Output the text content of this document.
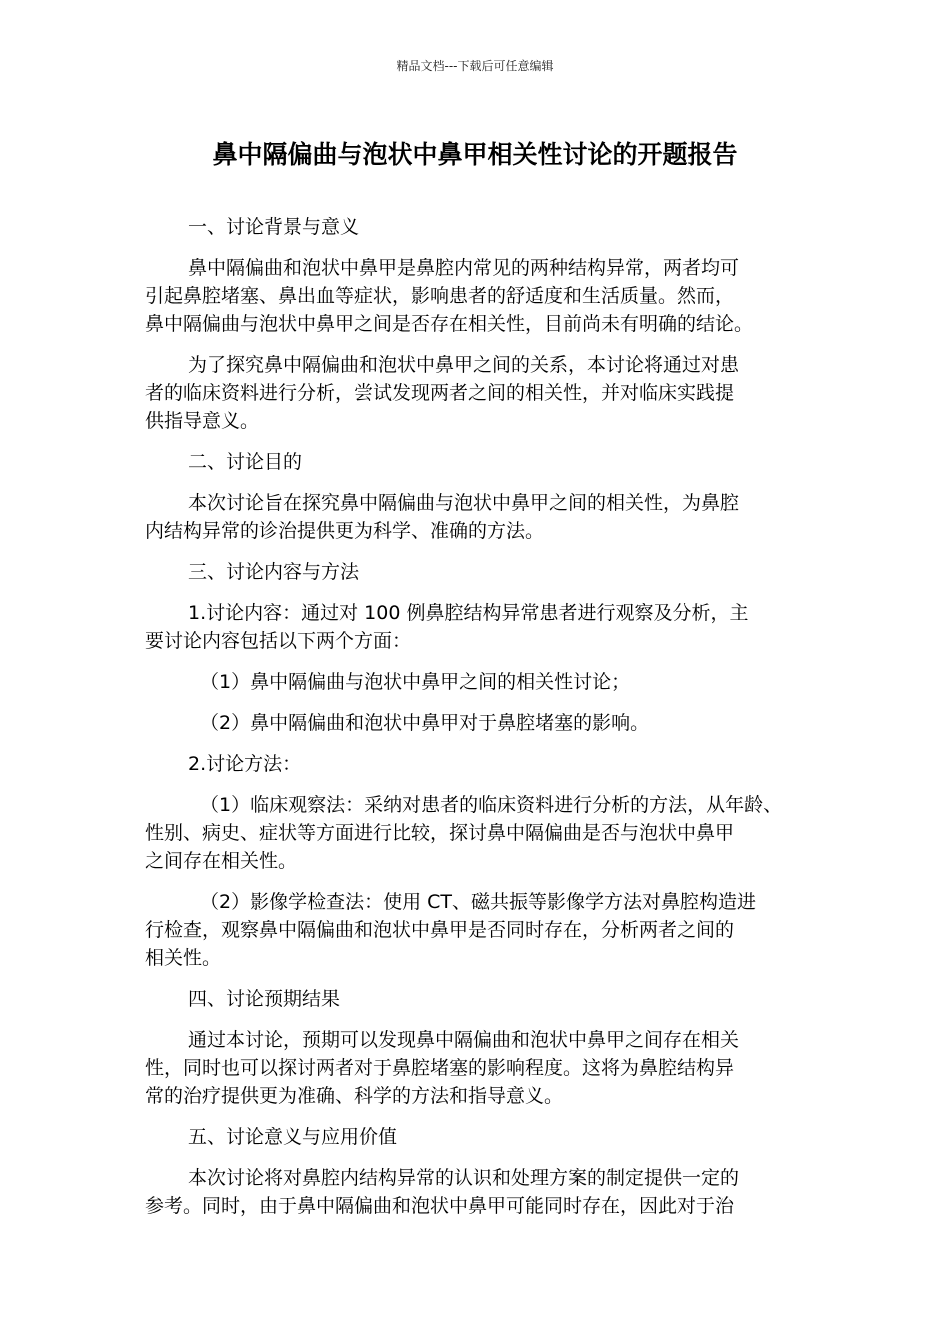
精品文档---下载后可任意编辑
鼻中隔偏曲与泡状中鼻甲相关性讨论的开题报告

一、讨论背景与意义

鼻中隔偏曲和泡状中鼻甲是鼻腔内常见的两种结构异常，两者均可
引起鼻腔堵塞、鼻出血等症状，影响患者的舒适度和生活质量。然而，
鼻中隔偏曲与泡状中鼻甲之间是否存在相关性，目前尚未有明确的结论。

为了探究鼻中隔偏曲和泡状中鼻甲之间的关系，本讨论将通过对患
者的临床资料进行分析，尝试发现两者之间的相关性，并对临床实践提
供指导意义。

二、讨论目的

本次讨论旨在探究鼻中隔偏曲与泡状中鼻甲之间的相关性，为鼻腔
内结构异常的诊治提供更为科学、准确的方法。

三、讨论内容与方法

1.讨论内容：通过对 100 例鼻腔结构异常患者进行观察及分析，主
要讨论内容包括以下两个方面：

（1）鼻中隔偏曲与泡状中鼻甲之间的相关性讨论；

（2）鼻中隔偏曲和泡状中鼻甲对于鼻腔堵塞的影响。

2.讨论方法：

（1）临床观察法：采纳对患者的临床资料进行分析的方法，从年龄、
性别、病史、症状等方面进行比较，探讨鼻中隔偏曲是否与泡状中鼻甲
之间存在相关性。

（2）影像学检查法：使用 CT、磁共振等影像学方法对鼻腔构造进
行检查，观察鼻中隔偏曲和泡状中鼻甲是否同时存在，分析两者之间的
相关性。

四、讨论预期结果

通过本讨论，预期可以发现鼻中隔偏曲和泡状中鼻甲之间存在相关
性，同时也可以探讨两者对于鼻腔堵塞的影响程度。这将为鼻腔结构异
常的治疗提供更为准确、科学的方法和指导意义。

五、讨论意义与应用价值

本次讨论将对鼻腔内结构异常的认识和处理方案的制定提供一定的
参考。同时，由于鼻中隔偏曲和泡状中鼻甲可能同时存在，因此对于治
